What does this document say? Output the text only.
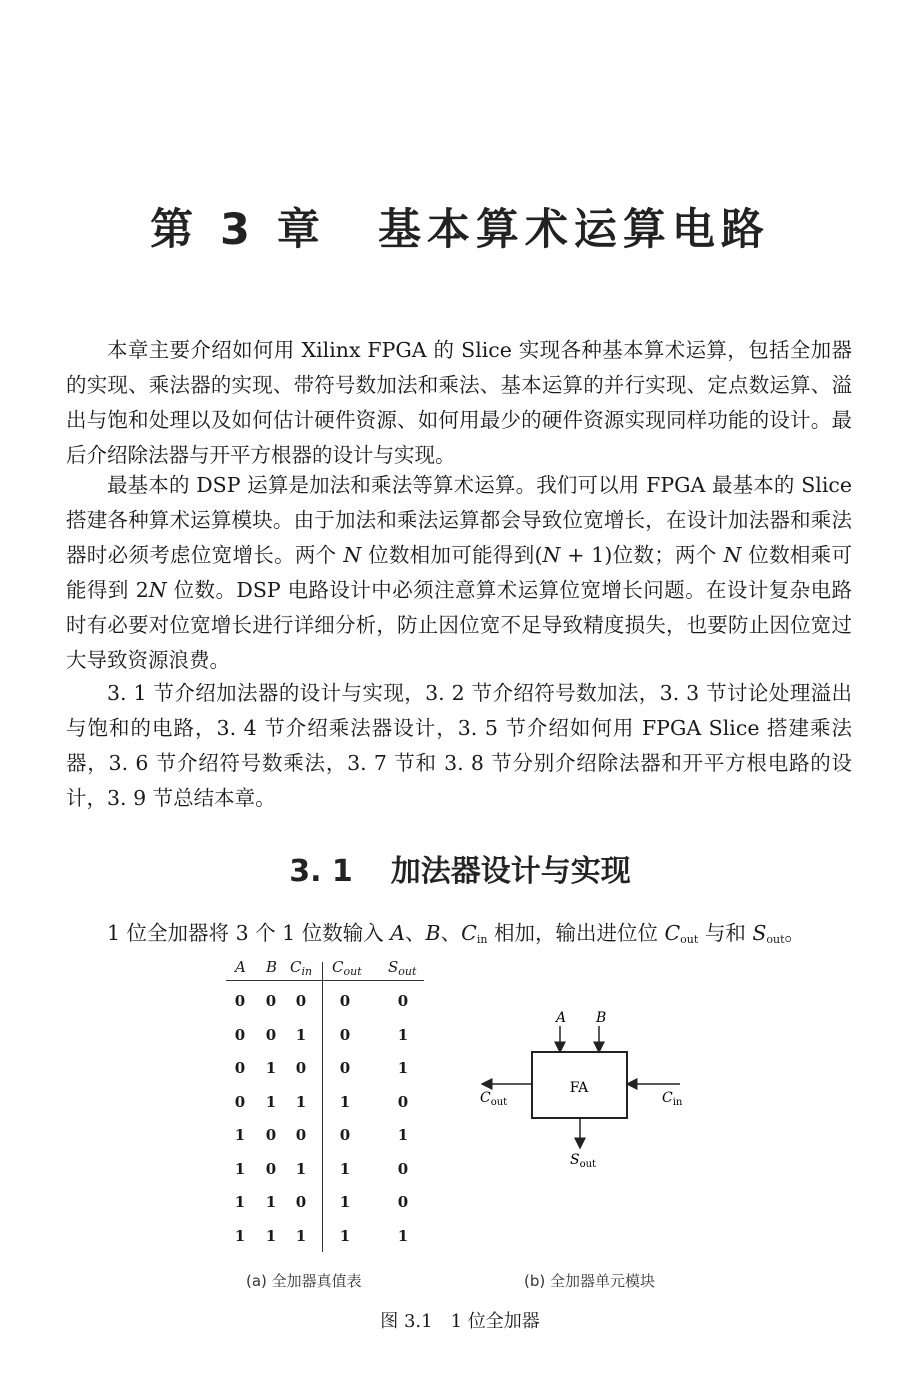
第 3 章 基本算术运算电路

本章主要介绍如何用 Xilinx FPGA 的 Slice 实现各种基本算术运算，包括全加器的实现、乘法器的实现、带符号数加法和乘法、基本运算的并行实现、定点数运算、溢出与饱和处理以及如何估计硬件资源、如何用最少的硬件资源实现同样功能的设计。最后介绍除法器与开平方根器的设计与实现。

最基本的 DSP 运算是加法和乘法等算术运算。我们可以用 FPGA 最基本的 Slice 搭建各种算术运算模块。由于加法和乘法运算都会导致位宽增长，在设计加法器和乘法器时必须考虑位宽增长。两个 N 位数相加可能得到(N + 1)位数；两个 N 位数相乘可能得到 2N 位数。DSP 电路设计中必须注意算术运算位宽增长问题。在设计复杂电路时有必要对位宽增长进行详细分析，防止因位宽不足导致精度损失，也要防止因位宽过大导致资源浪费。

3. 1 节介绍加法器的设计与实现，3. 2 节介绍符号数加法，3. 3 节讨论处理溢出与饱和的电路，3. 4 节介绍乘法器设计，3. 5 节介绍如何用 FPGA Slice 搭建乘法器，3. 6 节介绍符号数乘法，3. 7 节和 3. 8 节分别介绍除法器和开平方根电路的设计，3. 9 节总结本章。

3. 1 加法器设计与实现

1 位全加器将 3 个 1 位数输入 A、B、$C_{in}$ 相加，输出进位位 $C_{out}$ 与和 $S_{out}$。

A B $C_{in}$ $C_{out}$ $S_{out}$
0	0	0	0	0
0	0	1	0	1
0	1	0	0	1
0	1	1	1	0
1	0	0	0	1
1	0	1	1	0
1	1	0	1	0
1	1	1	1	1
FA
A B
$C_{in}$
$C_{out}$
$S_{out}$
(a) 全加器真值表	(b) 全加器单元模块
图 3.1　1 位全加器
